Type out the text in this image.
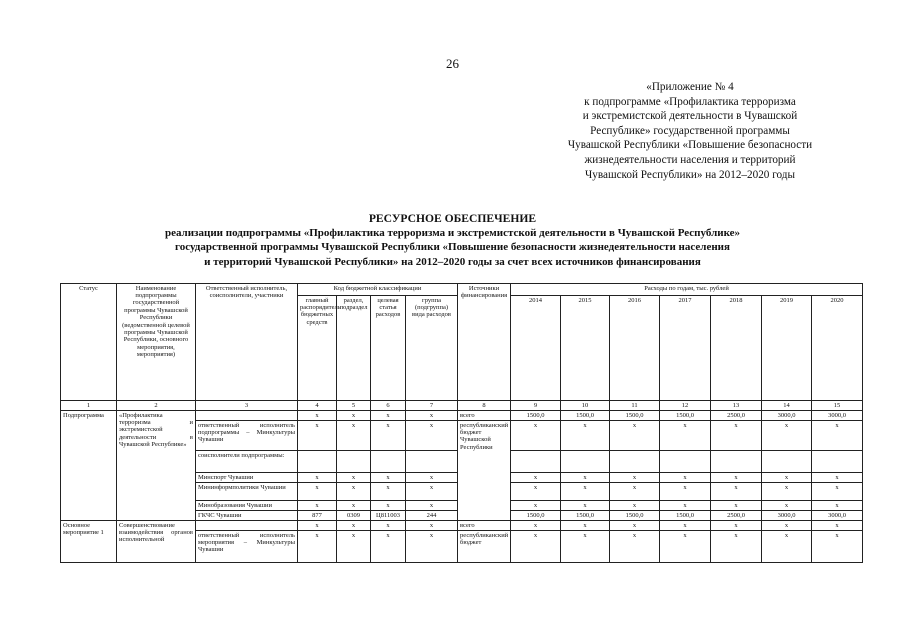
26
«Приложение № 4
к подпрограмме «Профилактика терроризма
и экстремистской деятельности в Чувашской
Республике» государственной программы
Чувашской Республики «Повышение безопасности
жизнедеятельности населения и территорий
Чувашской Республики» на 2012–2020 годы
РЕСУРСНОЕ ОБЕСПЕЧЕНИЕ
реализации подпрограммы «Профилактика терроризма и экстремистской деятельности в Чувашской Республике»
государственной программы Чувашской Республики «Повышение безопасности жизнедеятельности населения
и территорий Чувашской Республики» на 2012–2020 годы за счет всех источников финансирования
Статус	Наименование подпрограммы государственной программы Чувашской Республики (ведомственной целевой программы Чувашской Республики, основного мероприятия, мероприятия)	Ответственный исполнитель, соисполнители, участники	Код бюджетной классификации				Источники финансирования	Расходы по годам, тыс. рублей						
			главный распорядитель бюджетных средств	раздел, подраздел	целевая статья расходов	группа (подгруппа) вида расходов		2014	2015	2016	2017	2018	2019	2020
1	2	3	4	5	6	7	8	9	10	11	12	13	14	15
Подпрограмма	«Профилактика терроризма и экстремистской деятельности в Чувашской Республике»		x	x	x	x	всего	1500,0	1500,0	1500,0	1500,0	2500,0	3000,0	3000,0
		ответственный исполнитель подпрограммы – Минкультуры Чувашии	x	x	x	x	республиканский бюджет Чувашской Республики	x	x	x	x	x	x	x
		соисполнители подпрограммы:												
		Минспорт Чувашии	x	x	x	x		x	x	x	x	x	x	x
		Мининформполитики Чувашии	x	x	x	x		x	x	x	x	x	x	x
		Минобразования Чувашии	x	x	x	x		x	x	x	x	x	x	x
		ГКЧС Чувашии	877	0309	Ц811003	244		1500,0	1500,0	1500,0	1500,0	2500,0	3000,0	3000,0
Основное мероприятие 1	Совершенствование взаимодействия органов исполнительной		x	x	x	x	всего	x	x	x	x	x	x	x
		ответственный исполнитель мероприятия – Минкультуры Чувашии	x	x	x	x	республиканский бюджет	x	x	x	x	x	x	x
